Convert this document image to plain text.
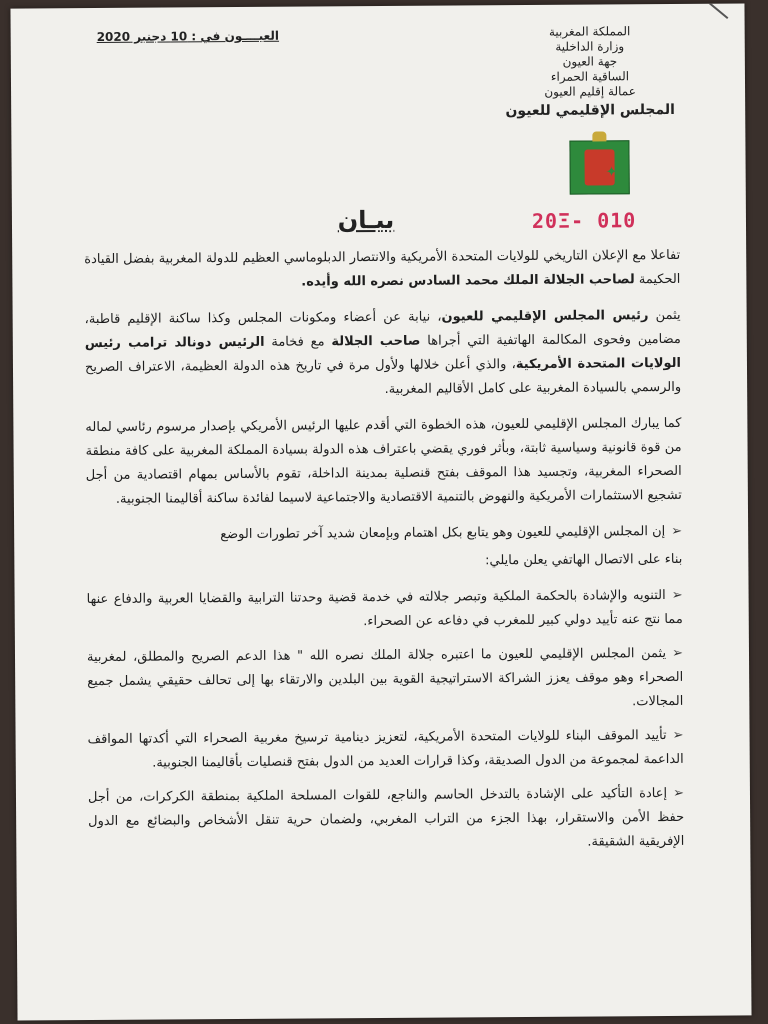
العيــــون في : 10 دجنبر 2020	المملكة المغربية
وزارة الداخلية
جهة العيون
الساقية الحمراء
عمالة إقليم العيون
المجلس الإقليمي للعيون
✦
بيـان	20Ξ- 010

تفاعلا مع الإعلان التاريخي للولايات المتحدة الأمريكية والانتصار الدبلوماسي العظيم للدولة المغربية بفضل القيادة الحكيمة لصاحب الجلالة الملك محمد السادس نصره الله وأيده.

يثمن رئيس المجلس الإقليمي للعيون، نيابة عن أعضاء ومكونات المجلس وكذا ساكنة الإقليم قاطبة، مضامين وفحوى المكالمة الهاتفية التي أجراها صاحب الجلالة مع فخامة الرئيس دونالد ترامب رئيس الولايات المتحدة الأمريكية، والذي أعلن خلالها ولأول مرة في تاريخ هذه الدولة العظيمة، الاعتراف الصريح والرسمي بالسيادة المغربية على كامل الأقاليم المغربية.

كما يبارك المجلس الإقليمي للعيون، هذه الخطوة التي أقدم عليها الرئيس الأمريكي بإصدار مرسوم رئاسي لماله من قوة قانونية وسياسية ثابتة، وبأثر فوري يقضي باعتراف هذه الدولة بسيادة المملكة المغربية على كافة منطقة الصحراء المغربية، وتجسيد هذا الموقف بفتح قنصلية بمدينة الداخلة، تقوم بالأساس بمهام اقتصادية من أجل تشجيع الاستثمارات الأمريكية والنهوض بالتنمية الاقتصادية والاجتماعية لاسيما لفائدة ساكنة أقاليمنا الجنوبية.

➢إن المجلس الإقليمي للعيون وهو يتابع بكل اهتمام وبإمعان شديد آخر تطورات الوضع

بناء على الاتصال الهاتفي يعلن مايلي:

➢التنويه والإشادة بالحكمة الملكية وتبصر جلالته في خدمة قضية وحدتنا الترابية والقضايا العربية والدفاع عنها مما نتج عنه تأييد دولي كبير للمغرب في دفاعه عن الصحراء.

➢يثمن المجلس الإقليمي للعيون ما اعتبره جلالة الملك نصره الله " هذا الدعم الصريح والمطلق، لمغربية الصحراء وهو موقف يعزز الشراكة الاستراتيجية القوية بين البلدين والارتقاء بها إلى تحالف حقيقي يشمل جميع المجالات.

➢تأييد الموقف البناء للولايات المتحدة الأمريكية، لتعزيز دينامية ترسيخ مغربية الصحراء التي أكدتها المواقف الداعمة لمجموعة من الدول الصديقة، وكذا قرارات العديد من الدول بفتح قنصليات بأقاليمنا الجنوبية.

➢إعادة التأكيد على الإشادة بالتدخل الحاسم والناجع، للقوات المسلحة الملكية بمنطقة الكركرات، من أجل حفظ الأمن والاستقرار، بهذا الجزء من التراب المغربي، ولضمان حرية تنقل الأشخاص والبضائع مع الدول الإفريقية الشقيقة.
